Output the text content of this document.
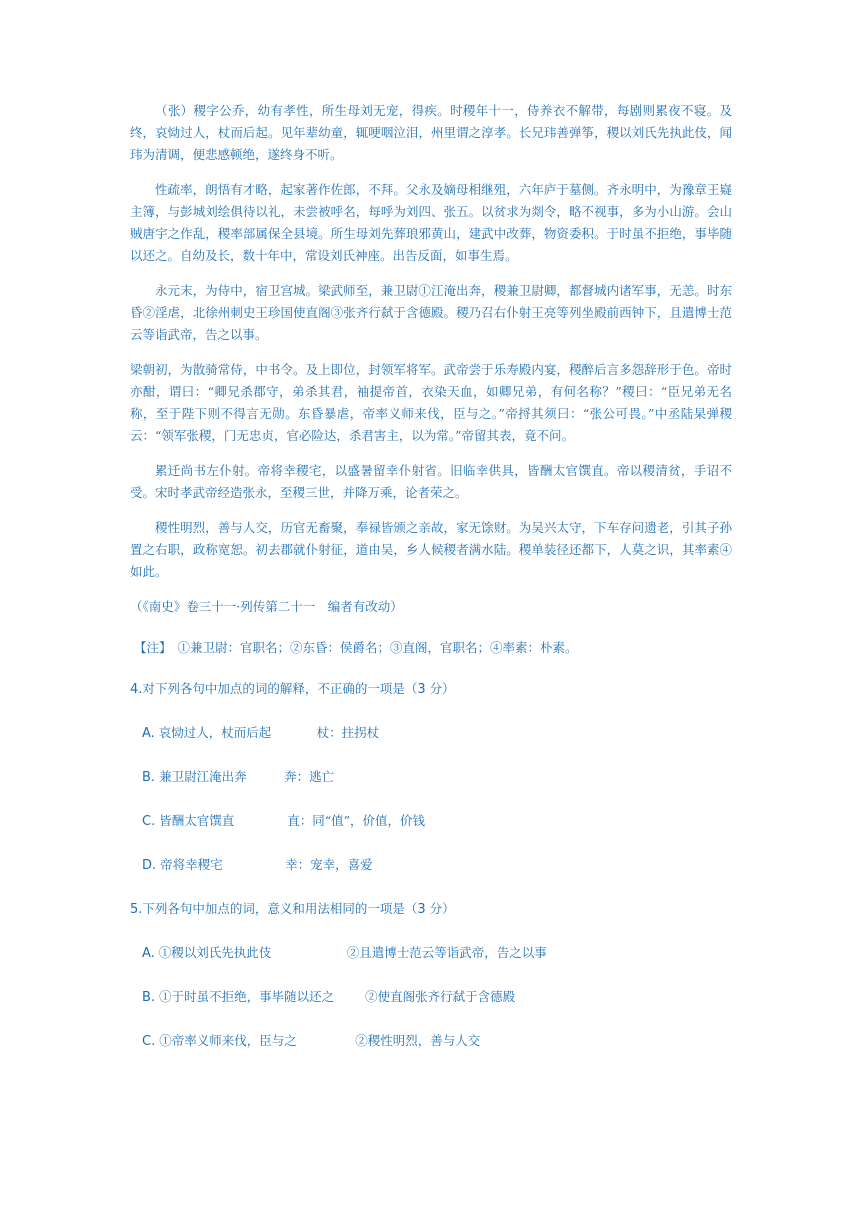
（张）稷字公乔，幼有孝性，所生母刘无宠，得疾。时稷年十一，侍养衣不解带，每剧则累夜不寝。及终，哀恸过人，杖而后起。见年辈幼童，辄哽咽泣泪，州里谓之淳孝。长兄玮善弹筝，稷以刘氏先执此伎，闻玮为清调，便悲感顿绝，遂终身不听。

性疏率，朗悟有才略，起家著作佐郎，不拜。父永及嫡母相继殂，六年庐于墓侧。齐永明中，为豫章王嶷主簿，与彭城刘绘俱待以礼，未尝被呼名，每呼为刘四、张五。以贫求为剡令，略不视事，多为小山游。会山贼唐宇之作乱，稷率部属保全县境。所生母刘先葬琅邪黄山，建武中改葬，物资委积。于时虽不拒绝，事毕随以还之。自幼及长，数十年中，常设刘氏神座。出告反面，如事生焉。

永元末，为侍中，宿卫宫城。梁武师至，兼卫尉①江淹出奔，稷兼卫尉卿，都督城内诸军事，无恙。时东昏②淫虐，北徐州刺史王珍国使直阁③张齐行弑于含德殿。稷乃召右仆射王亮等列坐殿前西钟下，且遣博士范云等诣武帝，告之以事。

梁朝初，为散骑常侍，中书令。及上即位，封领军将军。武帝尝于乐寿殿内宴，稷醉后言多怨辞形于色。帝时亦酣，谓曰：“卿兄杀郡守，弟杀其君，袖提帝首，衣染天血，如卿兄弟，有何名称？”稷曰：“臣兄弟无名称，至于陛下则不得言无勋。东昏暴虐，帝率义师来伐，臣与之。”帝捋其须曰：“张公可畏。”中丞陆杲弹稷云：“领军张稷，门无忠贞，官必险达，杀君害主，以为常。”帝留其表，竟不问。

累迁尚书左仆射。帝将幸稷宅，以盛暑留幸仆射省。旧临幸供具，皆酬太官馔直。帝以稷清贫，手诏不受。宋时孝武帝经造张永，至稷三世，并降万乘，论者荣之。

稷性明烈，善与人交，历官无畜聚，奉禄皆颁之亲故，家无馀财。为吴兴太守，下车存问遗老，引其子孙置之右职，政称宽恕。初去郡就仆射征，道由吴，乡人候稷者满水陆。稷单装径还都下，人莫之识，其率素④如此。

（《南史》卷三十一·列传第二十一　编者有改动）
【注】 ①兼卫尉：官职名；②东昏：侯爵名；③直阁，官职名；④率素：朴素。
4.对下列各句中加点的词的解释，不正确的一项是（3 分）
A. 哀恸过人，杖而后起	杖：拄拐杖
B. 兼卫尉江淹出奔	奔：逃亡
C. 皆酬太官馔直	直：同“值”，价值，价钱
D. 帝将幸稷宅	幸：宠幸，喜爱
5.下列各句中加点的词，意义和用法相同的一项是（3 分）
A. ①稷以刘氏先执此伎	②且遣博士范云等诣武帝，告之以事
B. ①于时虽不拒绝，事毕随以还之 ②使直阁张齐行弑于含德殿
C. ①帝率义师来伐，臣与之	②稷性明烈，善与人交
